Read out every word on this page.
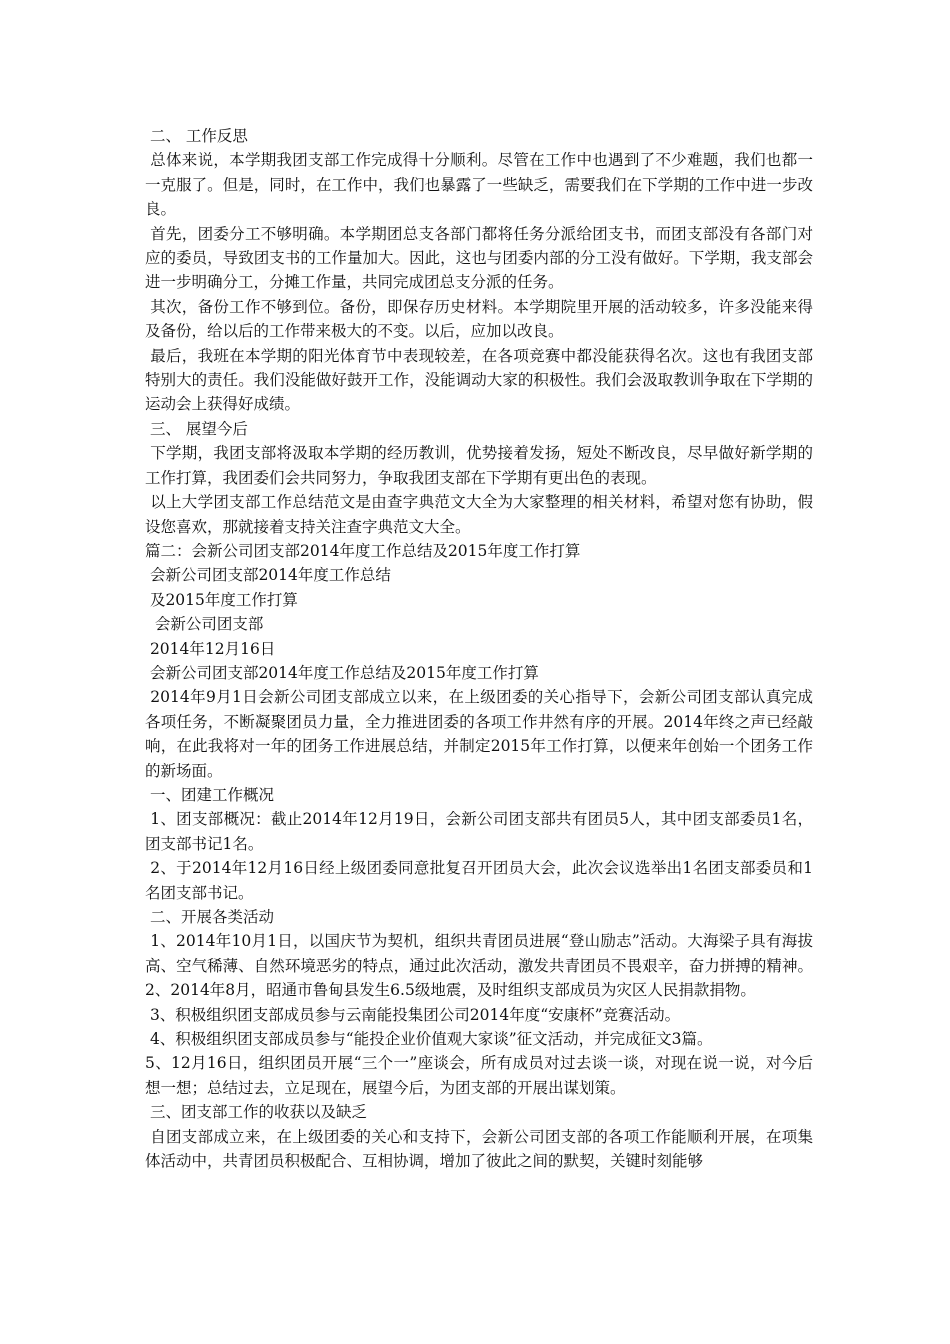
二、 工作反思

总体来说，本学期我团支部工作完成得十分顺利。尽管在工作中也遇到了不少难题，我们也都一一克服了。但是，同时，在工作中，我们也暴露了一些缺乏，需要我们在下学期的工作中进一步改良。

首先，团委分工不够明确。本学期团总支各部门都将任务分派给团支书，而团支部没有各部门对应的委员，导致团支书的工作量加大。因此，这也与团委内部的分工没有做好。下学期，我支部会进一步明确分工，分摊工作量，共同完成团总支分派的任务。

其次，备份工作不够到位。备份，即保存历史材料。本学期院里开展的活动较多，许多没能来得及备份，给以后的工作带来极大的不变。以后，应加以改良。

最后，我班在本学期的阳光体育节中表现较差，在各项竞赛中都没能获得名次。这也有我团支部特别大的责任。我们没能做好鼓开工作，没能调动大家的积极性。我们会汲取教训争取在下学期的运动会上获得好成绩。

三、 展望今后

下学期，我团支部将汲取本学期的经历教训，优势接着发扬，短处不断改良，尽早做好新学期的工作打算，我团委们会共同努力，争取我团支部在下学期有更出色的表现。

以上大学团支部工作总结范文是由查字典范文大全为大家整理的相关材料，希望对您有协助，假设您喜欢，那就接着支持关注查字典范文大全。

篇二：会新公司团支部2014年度工作总结及2015年度工作打算

会新公司团支部2014年度工作总结

及2015年度工作打算

会新公司团支部

2014年12月16日

会新公司团支部2014年度工作总结及2015年度工作打算

2014年9月1日会新公司团支部成立以来，在上级团委的关心指导下，会新公司团支部认真完成各项任务，不断凝聚团员力量，全力推进团委的各项工作井然有序的开展。2014年终之声已经敲响，在此我将对一年的团务工作进展总结，并制定2015年工作打算，以便来年创始一个团务工作的新场面。

一、团建工作概况

1、团支部概况：截止2014年12月19日，会新公司团支部共有团员5人，其中团支部委员1名，团支部书记1名。

2、于2014年12月16日经上级团委同意批复召开团员大会，此次会议选举出1名团支部委员和1名团支部书记。

二、开展各类活动

1、2014年10月1日，以国庆节为契机，组织共青团员进展“登山励志”活动。大海梁子具有海拔高、空气稀薄、自然环境恶劣的特点，通过此次活动，激发共青团员不畏艰辛，奋力拼搏的精神。2、2014年8月，昭通市鲁甸县发生6.5级地震，及时组织支部成员为灾区人民捐款捐物。

3、积极组织团支部成员参与云南能投集团公司2014年度“安康杯”竞赛活动。

4、积极组织团支部成员参与“能投企业价值观大家谈”征文活动，并完成征文3篇。

5、12月16日，组织团员开展“三个一”座谈会，所有成员对过去谈一谈，对现在说一说，对今后想一想；总结过去，立足现在，展望今后，为团支部的开展出谋划策。

三、团支部工作的收获以及缺乏

自团支部成立来，在上级团委的关心和支持下，会新公司团支部的各项工作能顺利开展，在项集体活动中，共青团员积极配合、互相协调，增加了彼此之间的默契，关键时刻能够
